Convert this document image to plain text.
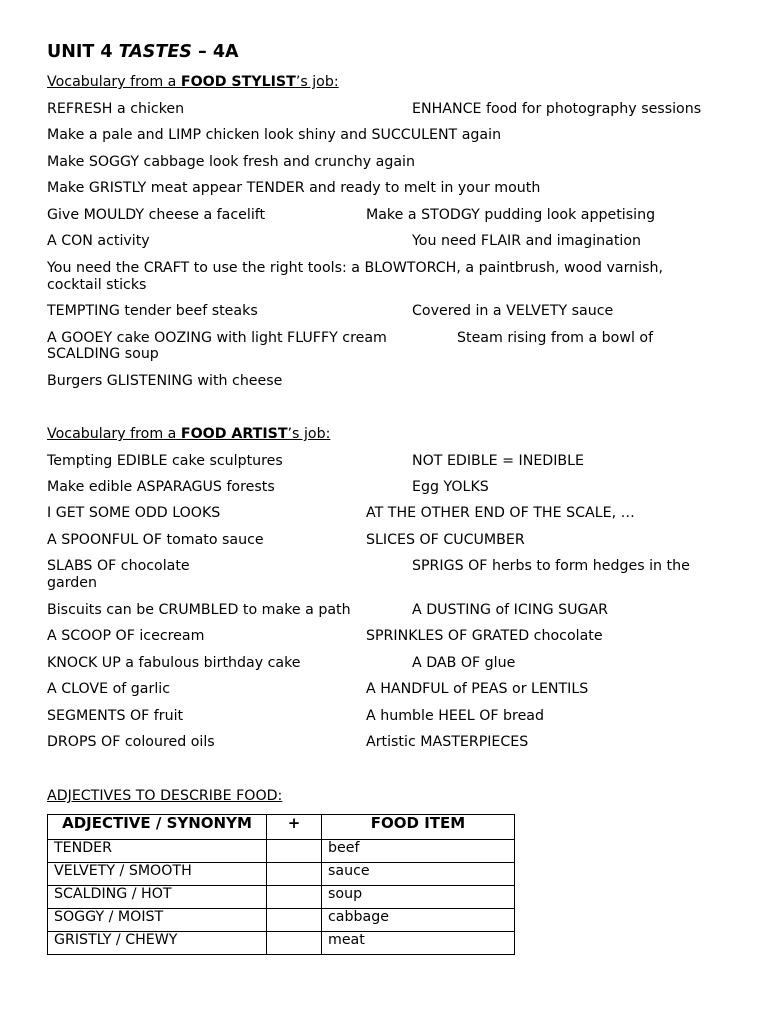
UNIT 4 TASTES – 4A
Vocabulary from a FOOD STYLIST’s job:
REFRESH a chicken	ENHANCE food for photography sessions
Make a pale and LIMP chicken look shiny and SUCCULENT again
Make SOGGY cabbage look fresh and crunchy again
Make GRISTLY meat appear TENDER and ready to melt in your mouth
Give MOULDY cheese a facelift	Make a STODGY pudding look appetising
A CON activity	You need FLAIR and imagination
You need the CRAFT to use the right tools: a BLOWTORCH, a paintbrush, wood varnish, cocktail sticks
TEMPTING tender beef steaks	Covered in a VELVETY sauce
A GOOEY cake OOZING with light FLUFFY cream	Steam rising from a bowl of
SCALDING soup
Burgers GLISTENING with cheese
Vocabulary from a FOOD ARTIST’s job:
Tempting EDIBLE cake sculptures	NOT EDIBLE = INEDIBLE
Make edible ASPARAGUS forests	Egg YOLKS
I GET SOME ODD LOOKS	AT THE OTHER END OF THE SCALE, …
A SPOONFUL OF tomato sauce	SLICES OF CUCUMBER
SLABS OF chocolate	SPRIGS OF herbs to form hedges in the
garden
Biscuits can be CRUMBLED to make a path	A DUSTING of ICING SUGAR
A SCOOP OF icecream	SPRINKLES OF GRATED chocolate
KNOCK UP a fabulous birthday cake	A DAB OF glue
A CLOVE of garlic	A HANDFUL of PEAS or LENTILS
SEGMENTS OF fruit	A humble HEEL OF bread
DROPS OF coloured oils	Artistic MASTERPIECES
ADJECTIVES TO DESCRIBE FOOD:
ADJECTIVE / SYNONYM	+	FOOD ITEM
TENDER		beef
VELVETY / SMOOTH		sauce
SCALDING / HOT		soup
SOGGY / MOIST		cabbage
GRISTLY / CHEWY		meat
